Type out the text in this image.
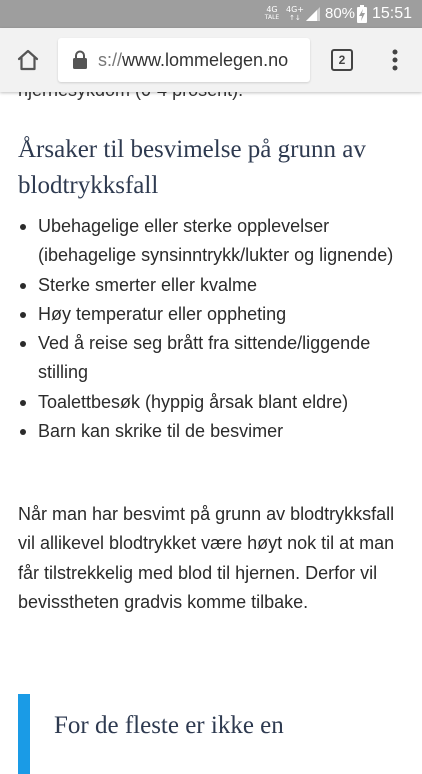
4G
TALE
4G+
↑↓ 80% 15:51
s://www.lommelegen.no	2
Årsaker til besvimelse på grunn av blodtrykksfall
Ubehagelige eller sterke opplevelser (ibehagelige synsinntrykk/lukter og lignende)
Sterke smerter eller kvalme
Høy temperatur eller oppheting
Ved å reise seg brått fra sittende/liggende stilling
Toalettbesøk (hyppig årsak blant eldre)
Barn kan skrike til de besvimer

Når man har besvimt på grunn av blodtrykksfall vil allikevel blodtrykket være høyt nok til at man får tilstrekkelig med blod til hjernen. Derfor vil bevisstheten gradvis komme tilbake.

For de fleste er ikke en
